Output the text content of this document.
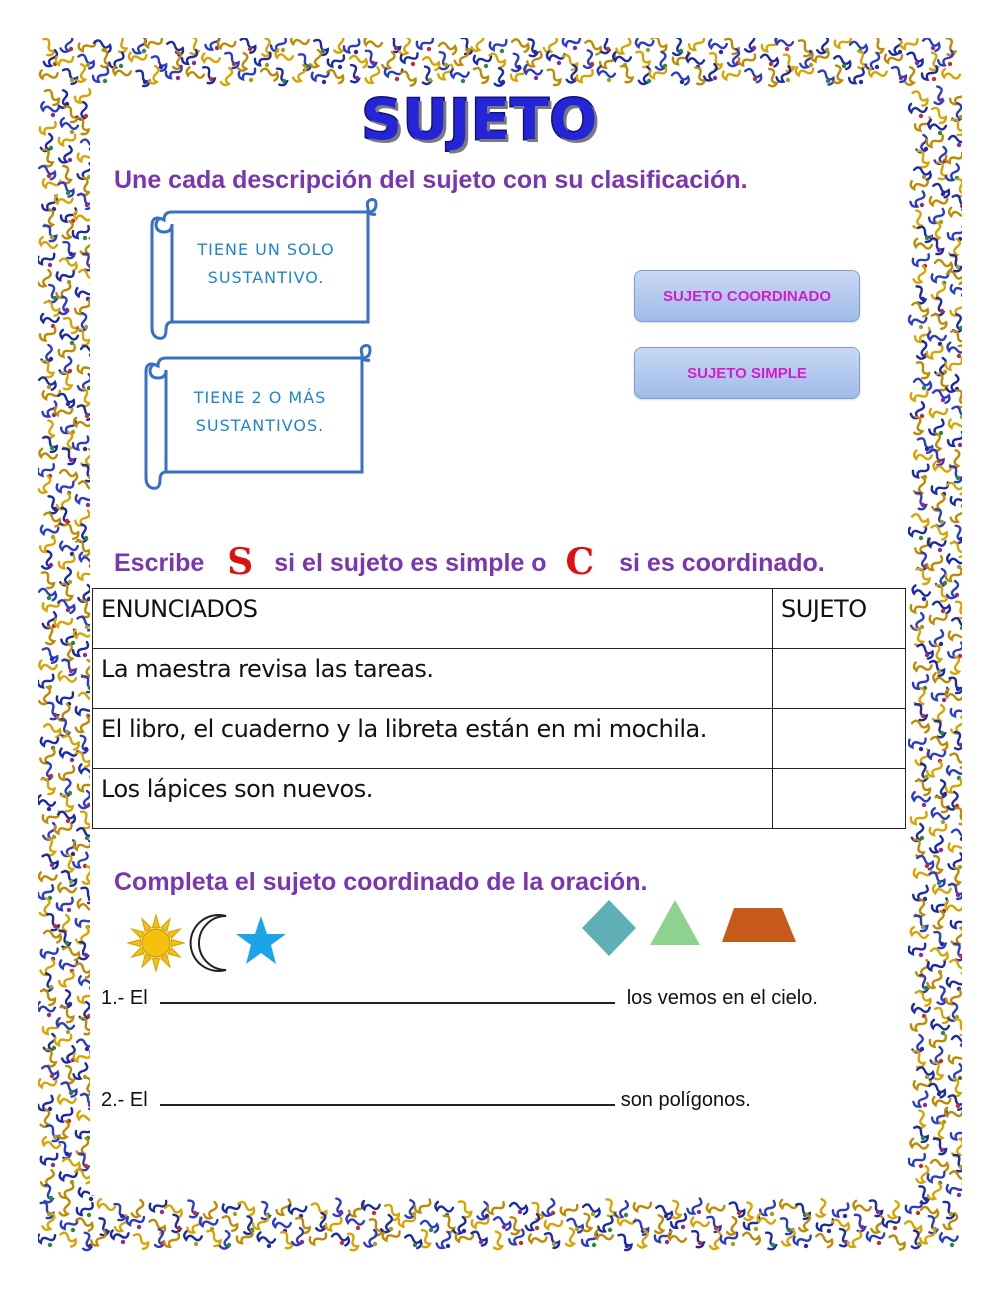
SUJETO
Une cada descripción del sujeto con su clasificación.
TIENE UN SOLO
SUSTANTIVO.
TIENE 2 O MÁS
SUSTANTIVOS.
SUJETO COORDINADO
SUJETO SIMPLE
Escribe S si el sujeto es simple o C si es coordinado.
ENUNCIADOS	SUJETO
La maestra revisa las tareas.	
El libro, el cuaderno y la libreta están en mi mochila.	
Los lápices son nuevos.	
Completa el sujeto coordinado de la oración.
1.- El	los vemos en el cielo.
2.- El	son polígonos.
